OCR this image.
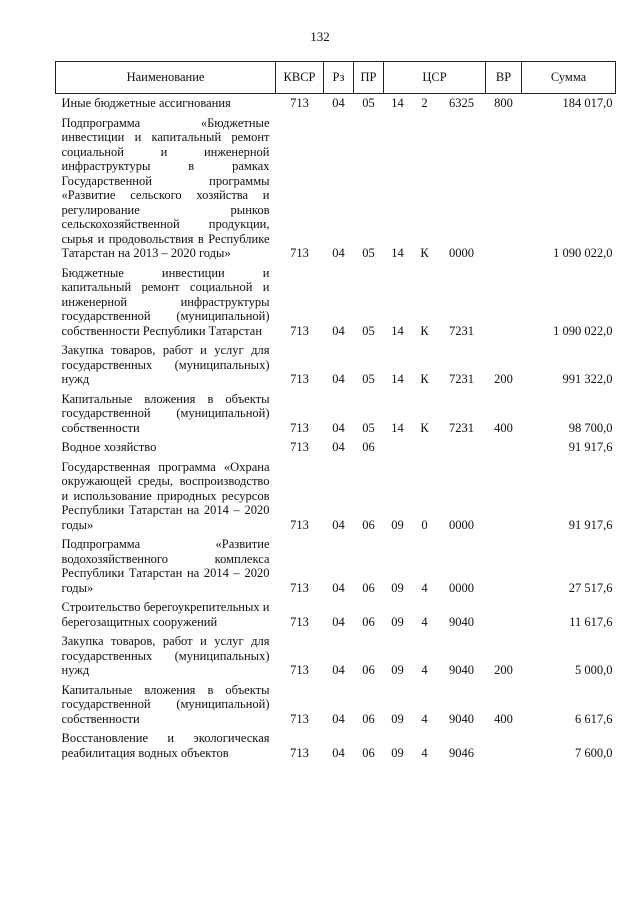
132
Наименование	КВСР	Рз	ПР	ЦСР			ВР	Сумма
Иные бюджетные ассигнования	713	04	05	14	2	6325	800	184 017,0
Подпрограмма «Бюджетные инвестиции и капитальный ремонт социальной и инженерной инфраструктуры в рамках Государственной программы «Развитие сельского хозяйства и регулирование рынков сельскохозяйственной продукции, сырья и продовольствия в Республике Татарстан на 2013 – 2020 годы»	713	04	05	14	К	0000		1 090 022,0
Бюджетные инвестиции и капитальный ремонт социальной и инженерной инфраструктуры государственной (муниципальной) собственности Республики Татарстан	713	04	05	14	К	7231		1 090 022,0
Закупка товаров, работ и услуг для государственных (муниципальных) нужд	713	04	05	14	К	7231	200	991 322,0
Капитальные вложения в объекты государственной (муниципальной) собственности	713	04	05	14	К	7231	400	98 700,0
Водное хозяйство	713	04	06					91 917,6
Государственная программа «Охрана окружающей среды, воспроизводство и использование природных ресурсов Республики Татарстан на 2014 – 2020 годы»	713	04	06	09	0	0000		91 917,6
Подпрограмма «Развитие водохозяйственного комплекса Республики Татарстан на 2014 – 2020 годы»	713	04	06	09	4	0000		27 517,6
Строительство берегоукрепительных и берегозащитных сооружений	713	04	06	09	4	9040		11 617,6
Закупка товаров, работ и услуг для государственных (муниципальных) нужд	713	04	06	09	4	9040	200	5 000,0
Капитальные вложения в объекты государственной (муниципальной) собственности	713	04	06	09	4	9040	400	6 617,6
Восстановление и экологическая реабилитация водных объектов	713	04	06	09	4	9046		7 600,0
